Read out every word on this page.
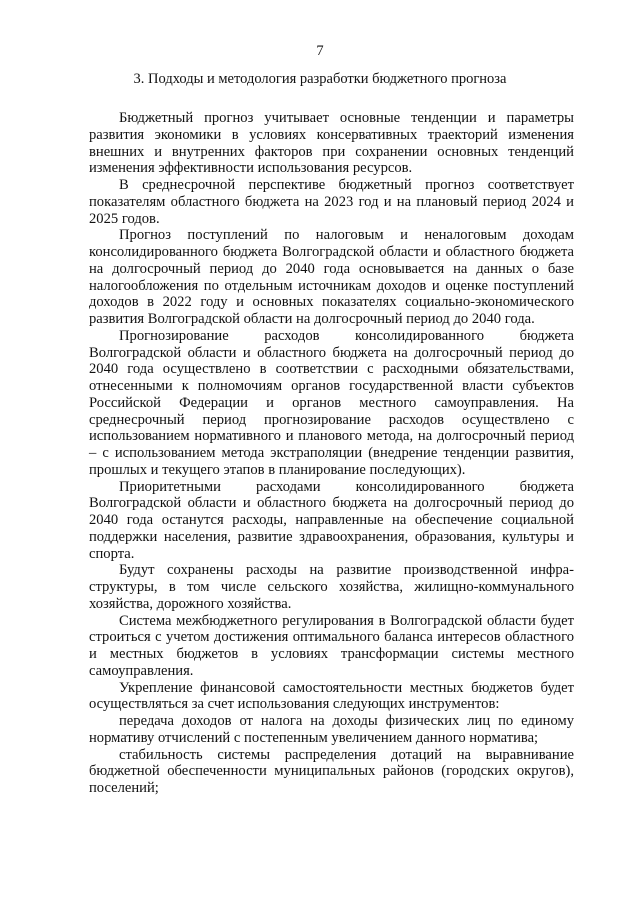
7
3. Подходы и методология разработки бюджетного прогноза

Бюджетный прогноз учитывает основные тенденции и параметры развития экономики в условиях консервативных траекторий изменения внешних и внутренних факторов при сохранении основных тенденций изменения эффективности использования ресурсов.

В среднесрочной перспективе бюджетный прогноз соответствует показателям областного бюджета на 2023 год и на плановый период 2024 и 2025 годов.

Прогноз поступлений по налоговым и неналоговым доходам консолидированного бюджета Волгоградской области и областного бюджета на долгосрочный период до 2040 года основывается на данных о базе налогообложения по отдельным источникам доходов и оценке поступлений доходов в 2022 году и основных показателях социально-экономического развития Волгоградской области на долгосрочный период до 2040 года.

Прогнозирование расходов консолидированного бюджета Волгоградской области и областного бюджета на долгосрочный период до 2040 года осуществлено в соответствии с расходными обязательствами, отнесенными к полномочиям органов государственной власти субъектов Российской Федерации и органов местного самоуправления. На среднесрочный период прогнозирование расходов осуществлено с использованием нормативного и планового метода, на долгосрочный период – с использованием метода экстраполяции (внедрение тенденции развития, прошлых и текущего этапов в планирование последующих).

Приоритетными расходами консолидированного бюджета Волгоградской области и областного бюджета на долгосрочный период до 2040 года останутся расходы, направленные на обеспечение социальной поддержки населения, развитие здравоохранения, образования, культуры и спорта.

Будут сохранены расходы на развитие производственной инфра-структуры, в том числе сельского хозяйства, жилищно-коммунального хозяйства, дорожного хозяйства.

Система межбюджетного регулирования в Волгоградской области будет строиться с учетом достижения оптимального баланса интересов областного и местных бюджетов в условиях трансформации системы местного самоуправления.

Укрепление финансовой самостоятельности местных бюджетов будет осуществляться за счет использования следующих инструментов:

передача доходов от налога на доходы физических лиц по единому нормативу отчислений с постепенным увеличением данного норматива;

стабильность системы распределения дотаций на выравнивание бюджетной обеспеченности муниципальных районов (городских округов), поселений;
